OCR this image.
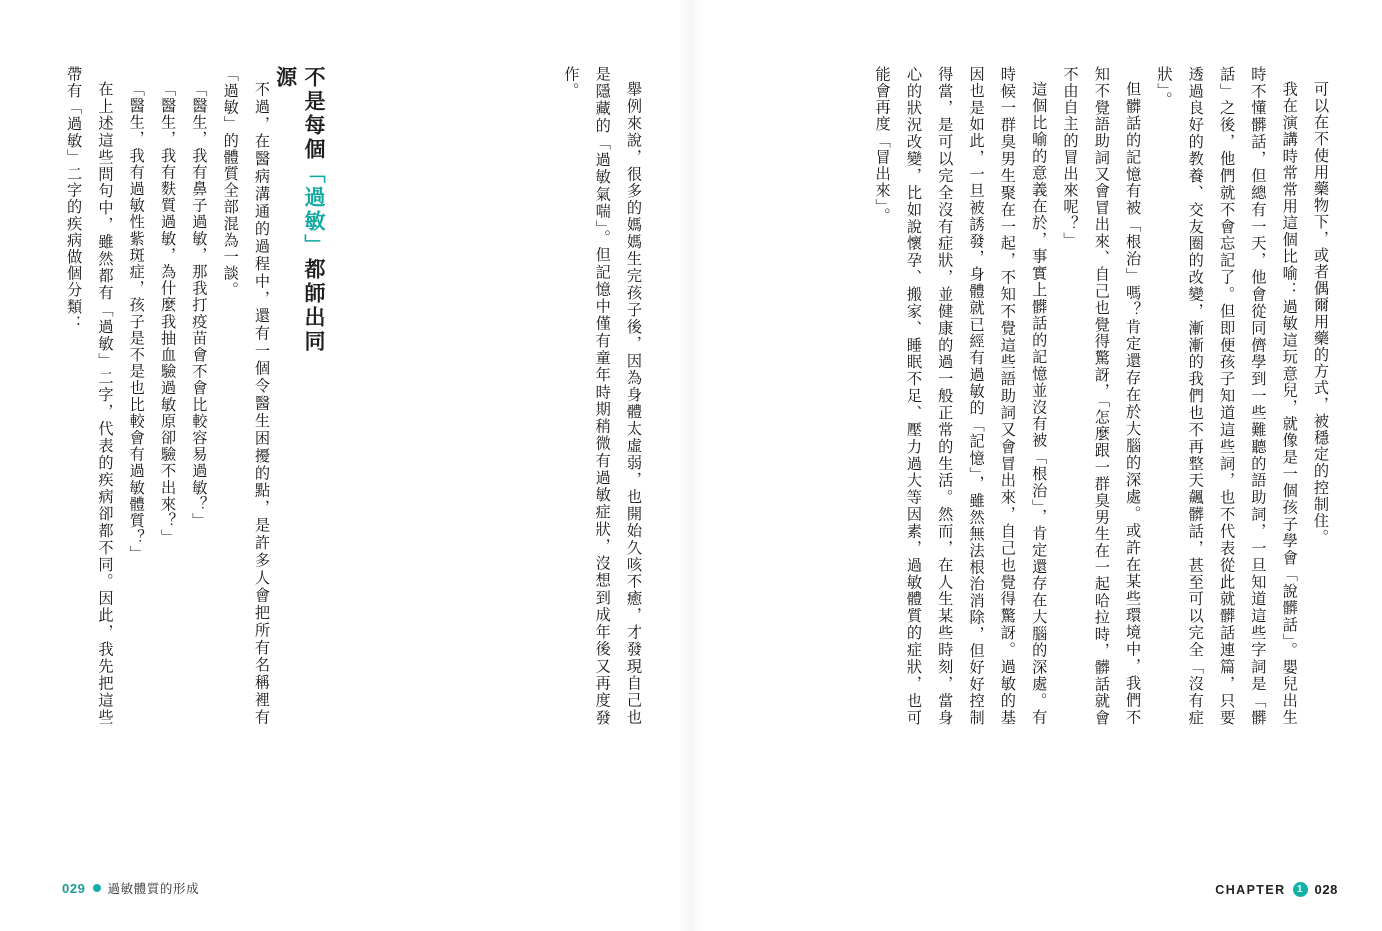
可以在不使用藥物下，或者偶爾用藥的方式，被穩定的控制住。

我在演講時常常用這個比喻：過敏這玩意兒，就像是一個孩子學會「說髒話」。嬰兒出生時不懂髒話，但總有一天，他會從同儕學到一些難聽的語助詞，一旦知道這些字詞是「髒話」之後，他們就不會忘記了。但即便孩子知道這些詞，也不代表從此就髒話連篇，只要透過良好的教養、交友圈的改變，漸漸的我們也不再整天飆髒話，甚至可以完全「沒有症狀」。

但髒話的記憶有被「根治」嗎？肯定還存在於大腦的深處。或許在某些環境中，我們不知不覺語助詞又會冒出來、自己也覺得驚訝，「怎麼跟一群臭男生在一起哈拉時，髒話就會不由自主的冒出來呢？」

這個比喻的意義在於，事實上髒話的記憶並沒有被「根治」，肯定還存在大腦的深處。有時候一群臭男生聚在一起，不知不覺這些語助詞又會冒出來，自己也覺得驚訝。過敏的基因也是如此，一旦被誘發，身體就已經有過敏的「記憶」，雖然無法根治消除，但好好控制得當，是可以完全沒有症狀，並健康的過一般正常的生活。然而，在人生某些時刻，當身心的狀況改變，比如說懷孕、搬家、睡眠不足、壓力過大等因素，過敏體質的症狀，也可能會再度「冒出來」。

CHAPTER	1 028

舉例來說，很多的媽媽生完孩子後，因為身體太虛弱，也開始久咳不癒，才發現自己也是隱藏的「過敏氣喘」。但記憶中僅有童年時期稍微有過敏症狀，沒想到成年後又再度發作。

不是每個「過敏」都師出同源

不過，在醫病溝通的過程中，還有一個令醫生困擾的點，是許多人會把所有名稱裡有「過敏」的體質全部混為一談。

「醫生，我有鼻子過敏，那我打疫苗會不會比較容易過敏？」

「醫生，我有麩質過敏，為什麼我抽血驗過敏原卻驗不出來？」

「醫生，我有過敏性紫斑症，孩子是不是也比較會有過敏體質？」

在上述這些問句中，雖然都有「過敏」二字，代表的疾病卻都不同。因此，我先把這些帶有「過敏」二字的疾病做個分類：

029 過敏體質的形成
